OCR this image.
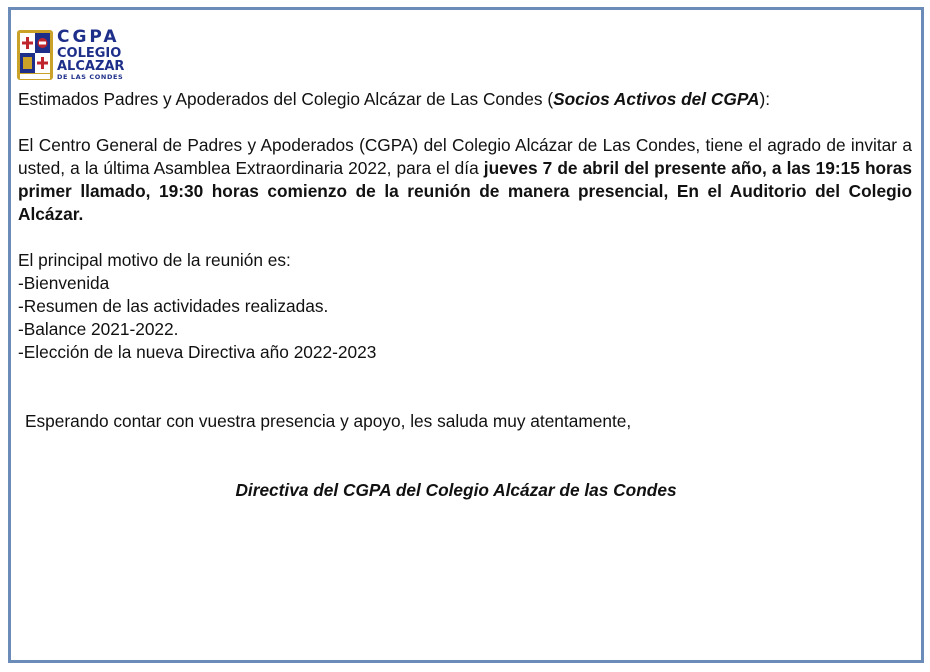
CGPA
COLEGIO
ALCAZAR
DE LAS CONDES

Estimados Padres y Apoderados del Colegio Alcázar de Las Condes (Socios Activos del CGPA):

El Centro General de Padres y Apoderados (CGPA) del Colegio Alcázar de Las Condes, tiene el agrado de invitar a usted, a la última Asamblea Extraordinaria 2022, para el día jueves 7 de abril del presente año, a las 19:15 horas primer llamado, 19:30 horas comienzo de la reunión de manera presencial, En el Auditorio del Colegio Alcázar.

El principal motivo de la reunión es:

-Bienvenida

-Resumen de las actividades realizadas.

-Balance 2021-2022.

-Elección de la nueva Directiva año 2022-2023

Esperando contar con vuestra presencia y apoyo, les saluda muy atentamente,

Directiva del CGPA del Colegio Alcázar de las Condes
